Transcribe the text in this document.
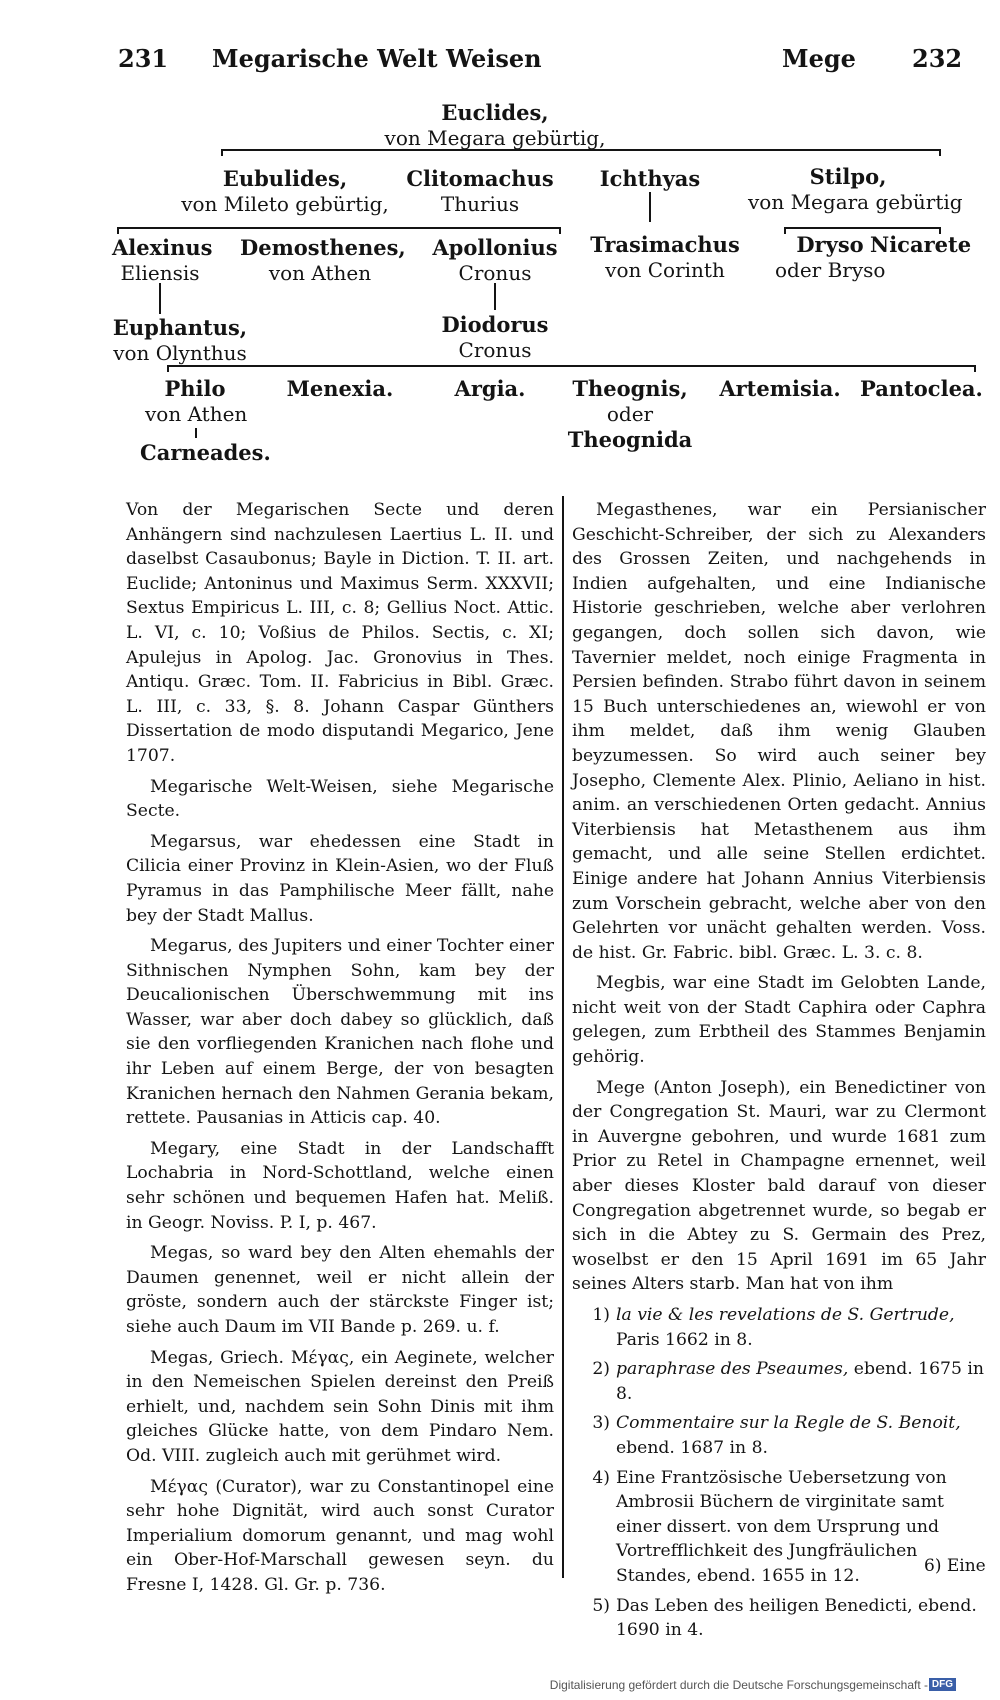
231 Megarische Welt Weisen	Mege 232
Euclides,
von Megara gebürtig,
Eubulides,
von Mileto gebürtig,
Clitomachus
Thurius
Ichthyas	Stilpo,
von Megara gebürtig
Alexinus
Eliensis
Demosthenes,
von Athen
Apollonius
Cronus
Trasimachus
von Corinth
Dryso
oder Bryso
Nicarete
Euphantus,
von Olynthus
Diodorus
Cronus
Philo
von Athen
Menexia.	Argia.	Theognis,
oder
Theognida
Artemisia. Pantoclea.
Carneades.

Von der Megarischen Secte und deren Anhängern sind nachzulesen Laertius L. II. und daselbst Casaubonus; Bayle in Diction. T. II. art. Euclide; Antoninus und Maximus Serm. XXXVII; Sextus Empiricus L. III, c. 8; Gellius Noct. Attic. L. VI, c. 10; Voßius de Philos. Sectis, c. XI; Apulejus in Apolog. Jac. Gronovius in Thes. Antiqu. Græc. Tom. II. Fabricius in Bibl. Græc. L. III, c. 33, §. 8. Johann Caspar Günthers Dissertation de modo disputandi Megarico, Jene 1707.

Megarische Welt-Weisen, siehe Megarische Secte.

Megarsus, war ehedessen eine Stadt in Cilicia einer Provinz in Klein-Asien, wo der Fluß Pyramus in das Pamphilische Meer fällt, nahe bey der Stadt Mallus.

Megarus, des Jupiters und einer Tochter einer Sithnischen Nymphen Sohn, kam bey der Deucalionischen Überschwemmung mit ins Wasser, war aber doch dabey so glücklich, daß sie den vorfliegenden Kranichen nach flohe und ihr Leben auf einem Berge, der von besagten Kranichen hernach den Nahmen Gerania bekam, rettete. Pausanias in Atticis cap. 40.

Megary, eine Stadt in der Landschafft Lochabria in Nord-Schottland, welche einen sehr schönen und bequemen Hafen hat. Meliß. in Geogr. Noviss. P. I, p. 467.

Megas, so ward bey den Alten ehemahls der Daumen genennet, weil er nicht allein der gröste, sondern auch der stärckste Finger ist; siehe auch Daum im VII Bande p. 269. u. f.

Megas, Griech. Μέγας, ein Aeginete, welcher in den Nemeischen Spielen dereinst den Preiß erhielt, und, nachdem sein Sohn Dinis mit ihm gleiches Glücke hatte, von dem Pindaro Nem. Od. VIII. zugleich auch mit gerühmet wird.

Μέγας (Curator), war zu Constantinopel eine sehr hohe Dignität, wird auch sonst Curator Imperialium domorum genannt, und mag wohl ein Ober-Hof-Marschall gewesen seyn. du Fresne I, 1428. Gl. Gr. p. 736.

Megasthenes, war ein Persianischer Geschicht-Schreiber, der sich zu Alexanders des Grossen Zeiten, und nachgehends in Indien aufgehalten, und eine Indianische Historie geschrieben, welche aber verlohren gegangen, doch sollen sich davon, wie Tavernier meldet, noch einige Fragmenta in Persien befinden. Strabo führt davon in seinem 15 Buch unterschiedenes an, wiewohl er von ihm meldet, daß ihm wenig Glauben beyzumessen. So wird auch seiner bey Josepho, Clemente Alex. Plinio, Aeliano in hist. anim. an verschiedenen Orten gedacht. Annius Viterbiensis hat Metasthenem aus ihm gemacht, und alle seine Stellen erdichtet. Einige andere hat Johann Annius Viterbiensis zum Vorschein gebracht, welche aber von den Gelehrten vor unächt gehalten werden. Voss. de hist. Gr. Fabric. bibl. Græc. L. 3. c. 8.

Megbis, war eine Stadt im Gelobten Lande, nicht weit von der Stadt Caphira oder Caphra gelegen, zum Erbtheil des Stammes Benjamin gehörig.

Mege (Anton Joseph), ein Benedictiner von der Congregation St. Mauri, war zu Clermont in Auvergne gebohren, und wurde 1681 zum Prior zu Retel in Champagne ernennet, weil aber dieses Kloster bald darauf von dieser Congregation abgetrennet wurde, so begab er sich in die Abtey zu S. Germain des Prez, woselbst er den 15 April 1691 im 65 Jahr seines Alters starb. Man hat von ihm

1) la vie & les revelations de S. Gertrude, Paris 1662 in 8.
2) paraphrase des Pseaumes, ebend. 1675 in 8.
3) Commentaire sur la Regle de S. Benoit, ebend. 1687 in 8.
4) Eine Frantzösische Uebersetzung von Ambrosii Büchern de virginitate samt einer dissert. von dem Ursprung und Vortrefflichkeit des Jungfräulichen Standes, ebend. 1655 in 12.
5) Das Leben des heiligen Benedicti, ebend. 1690 in 4.
6) Eine
Digitalisierung gefördert durch die Deutsche Forschungsgemeinschaft - DFG
